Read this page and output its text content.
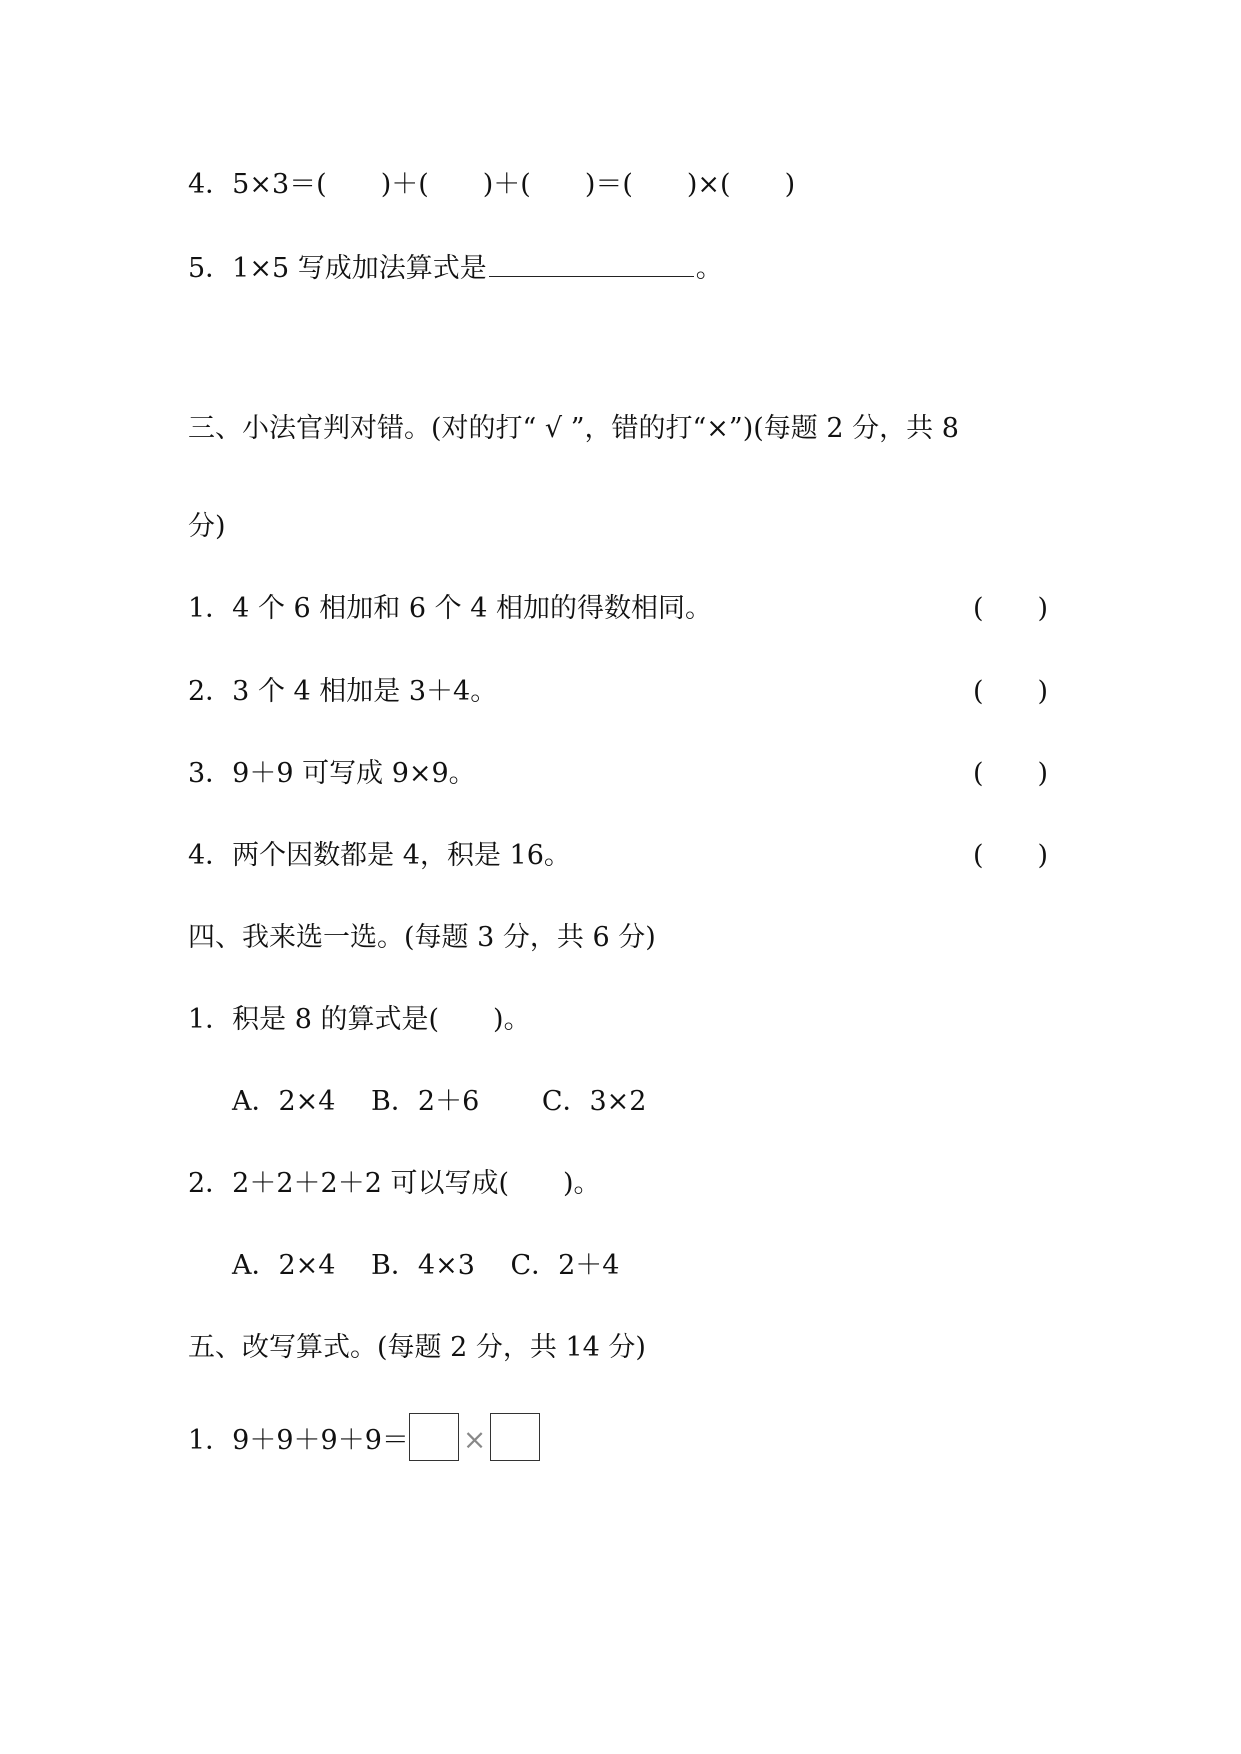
4．5×3＝(　　)＋(　　)＋(　　)＝(　　)×(　　)
5．1×5 写成加法算式是	。
三、小法官判对错。(对的打“ √ ”，错的打“×”)(每题 2 分，共 8
分)
1．4 个 6 相加和 6 个 4 相加的得数相同。	(　　)
2．3 个 4 相加是 3＋4。	(　　)
3．9＋9 可写成 9×9。	(　　)
4．两个因数都是 4，积是 16。	(　　)
四、我来选一选。(每题 3 分，共 6 分)
1．积是 8 的算式是(　　)。
A．2×4　 B．2＋6　　 C．3×2
2．2＋2＋2＋2 可以写成(　　)。
A．2×4　 B．4×3　 C．2＋4
五、改写算式。(每题 2 分，共 14 分)
1．9＋9＋9＋9＝ ×
